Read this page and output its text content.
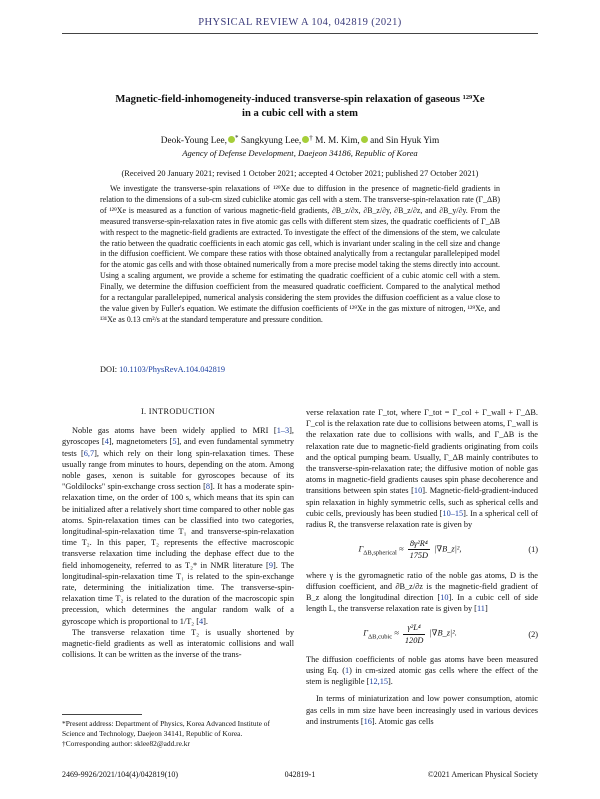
PHYSICAL REVIEW A 104, 042819 (2021)
Magnetic-field-inhomogeneity-induced transverse-spin relaxation of gaseous ¹²⁹Xe
in a cubic cell with a stem
Deok-Young Lee, * Sangkyung Lee, † M. M. Kim, and Sin Hyuk Yim
Agency of Defense Development, Daejeon 34186, Republic of Korea
(Received 20 January 2021; revised 1 October 2021; accepted 4 October 2021; published 27 October 2021)
We investigate the transverse-spin relaxations of ¹²⁹Xe due to diffusion in the presence of magnetic-field gradients in relation to the dimensions of a sub-cm sized cubiclike atomic gas cell with a stem. The transverse-spin-relaxation rate (Γ_ΔB) of ¹²⁹Xe is measured as a function of various magnetic-field gradients, ∂B_z/∂x, ∂B_z/∂y, ∂B_z/∂z, and ∂B_y/∂y. From the measured transverse-spin-relaxation rates in five atomic gas cells with different stem sizes, the quadratic coefficients of Γ_ΔB with respect to the magnetic-field gradients are extracted. To investigate the effect of the dimensions of the stem, we calculate the ratio between the quadratic coefficients in each atomic gas cell, which is invariant under scaling in the cell size and change in the diffusion coefficient. We compare these ratios with those obtained analytically from a rectangular parallelepiped model for the atomic gas cells and with those obtained numerically from a more precise model taking the stems directly into account. Using a scaling argument, we provide a scheme for estimating the quadratic coefficient of a cubic atomic cell with a stem. Finally, we determine the diffusion coefficient from the measured quadratic coefficient. Compared to the analytical method for a rectangular parallelepiped, numerical analysis considering the stem provides the diffusion coefficient as a value close to the value given by Fuller's equation. We estimate the diffusion coefficients of ¹²⁹Xe in the gas mixture of nitrogen, ¹²⁹Xe, and ¹³¹Xe as 0.13 cm²/s at the standard temperature and pressure condition.
DOI: 10.1103/PhysRevA.104.042819
I. INTRODUCTION

Noble gas atoms have been widely applied to MRI [1–3], gyroscopes [4], magnetometers [5], and even fundamental symmetry tests [6,7], which rely on their long spin-relaxation times. These usually range from minutes to hours, depending on the atom. Among noble gases, xenon is suitable for gyroscopes because of its "Goldilocks" spin-exchange cross section [8]. It has a moderate spin-relaxation time, on the order of 100 s, which means that its spin can be initialized after a relatively short time compared to other noble gas atoms. Spin-relaxation times can be classified into two categories, longitudinal-spin-relaxation time T₁ and transverse-spin-relaxation time T₂. In this paper, T₂ represents the effective macroscopic transverse relaxation time including the dephase effect due to the field inhomogeneity, referred to as T₂* in NMR literature [9]. The longitudinal-spin-relaxation time T₁ is related to the spin-exchange rate, determining the initialization time. The transverse-spin-relaxation time T₂ is related to the duration of the macroscopic spin precession, which determines the angular random walk of a gyroscope which is proportional to 1/T₂ [4].

The transverse relaxation time T₂ is usually shortened by magnetic-field gradients as well as interatomic collisions and wall collisions. It can be written as the inverse of the trans-

verse relaxation rate Γ_tot, where Γ_tot = Γ_col + Γ_wall + Γ_ΔB. Γ_col is the relaxation rate due to collisions between atoms, Γ_wall is the relaxation rate due to collisions with walls, and Γ_ΔB is the relaxation rate due to magnetic-field gradients originating from coils and the optical pumping beam. Usually, Γ_ΔB mainly contributes to the transverse-spin-relaxation rate; the diffusive motion of noble gas atoms in magnetic-field gradients causes spin phase decoherence and transitions between spin states [10]. Magnetic-field-gradient-induced spin relaxation in highly symmetric cells, such as spherical cells and cubic cells, previously has been studied [10–15]. In a spherical cell of radius R, the transverse relaxation rate is given by

$\Gamma_{\Delta B,spherical} \approx \frac{\text{8γ²R⁴}}{175D}$ |∇B_z|²,	(1)

where γ is the gyromagnetic ratio of the noble gas atoms, D is the diffusion coefficient, and ∂B_z/∂z is the magnetic-field gradient of B_z along the longitudinal direction [10]. In a cubic cell of side length L, the transverse relaxation rate is given by [11]

$\Gamma_{\Delta B,cubic} \approx \frac{\text{γ²L⁴}}{120D}$ |∇B_z|².	(2)

The diffusion coefficients of noble gas atoms have been measured using Eq. (1) in cm-sized atomic gas cells where the effect of the stem is negligible [12,15].

In terms of miniaturization and low power consumption, atomic gas cells in mm size have been increasingly used in various devices and instruments [16]. Atomic gas cells

*Present address: Department of Physics, Korea Advanced Institute of Science and Technology, Daejeon 34141, Republic of Korea.
†Corresponding author: sklee82@add.re.kr
2469-9926/2021/104(4)/042819(10)	042819-1	©2021 American Physical Society
